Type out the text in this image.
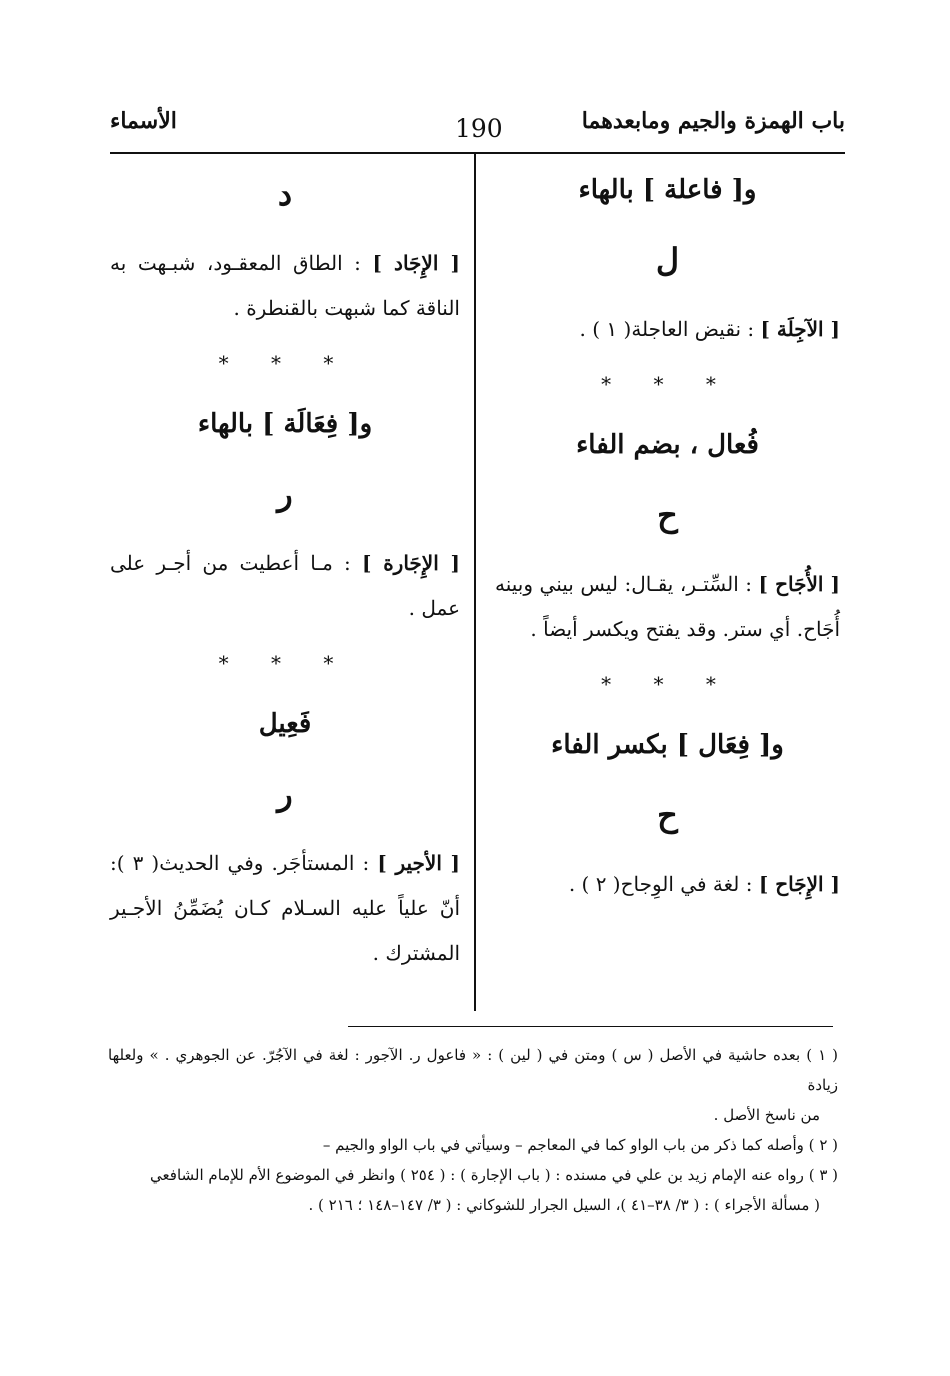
باب الهمزة والجيم ومابعدهما
190
الأسماء
و[ فاعلة ] بالهاء
ل

[ الآجِلَة ] : نقيض العاجلة( ١ ) .

* * *
فُعال ، بضم الفاء
ح

[ الأُجَاح ] : السِّتـر، يقـال: ليس بيني وبينه أُجَاح. أي ستر. وقد يفتح ويكسر أيضاً .

* * *
و[ فِعَال ] بكسر الفاء
ح

[ الإِجَاح ] : لغة في الوِجاح( ٢ ) .

د

[ الإِجَاد ] : الطاق المعقـود، شبـهت به الناقة كما شبهت بالقنطرة .

* * *
و[ فِعَالَة ] بالهاء
ر

[ الإِجَارة ] : مـا أعطيت من أجـر على عمل .

* * *
فَعِيل
ر

[ الأجير ] : المستأجَر. وفي الحديث( ٣ ): أنّ علياً عليه السـلام كـان يُضَمِّنُ الأجـير المشترك .

( ١ ) بعده حاشية في الأصل ( س ) ومتن في ( لين ) : « فاعول ر. الآجور : لغة في الآجُرّ. عن الجوهري . » ولعلها زيادة

من ناسخ الأصل .

( ٢ ) وأصله كما ذكر من باب الواو كما في المعاجم – وسيأتي في باب الواو والجيم –

( ٣ ) رواه عنه الإمام زيد بن علي في مسنده : ( باب الإجارة ) : ( ٢٥٤ ) وانظر في الموضوع الأم للإمام الشافعي

( مسألة الأجراء ) : ( ٣/ ٣٨–٤١ )، السيل الجرار للشوكاني : ( ٣/ ١٤٧–١٤٨ ؛ ٢١٦ ) .
